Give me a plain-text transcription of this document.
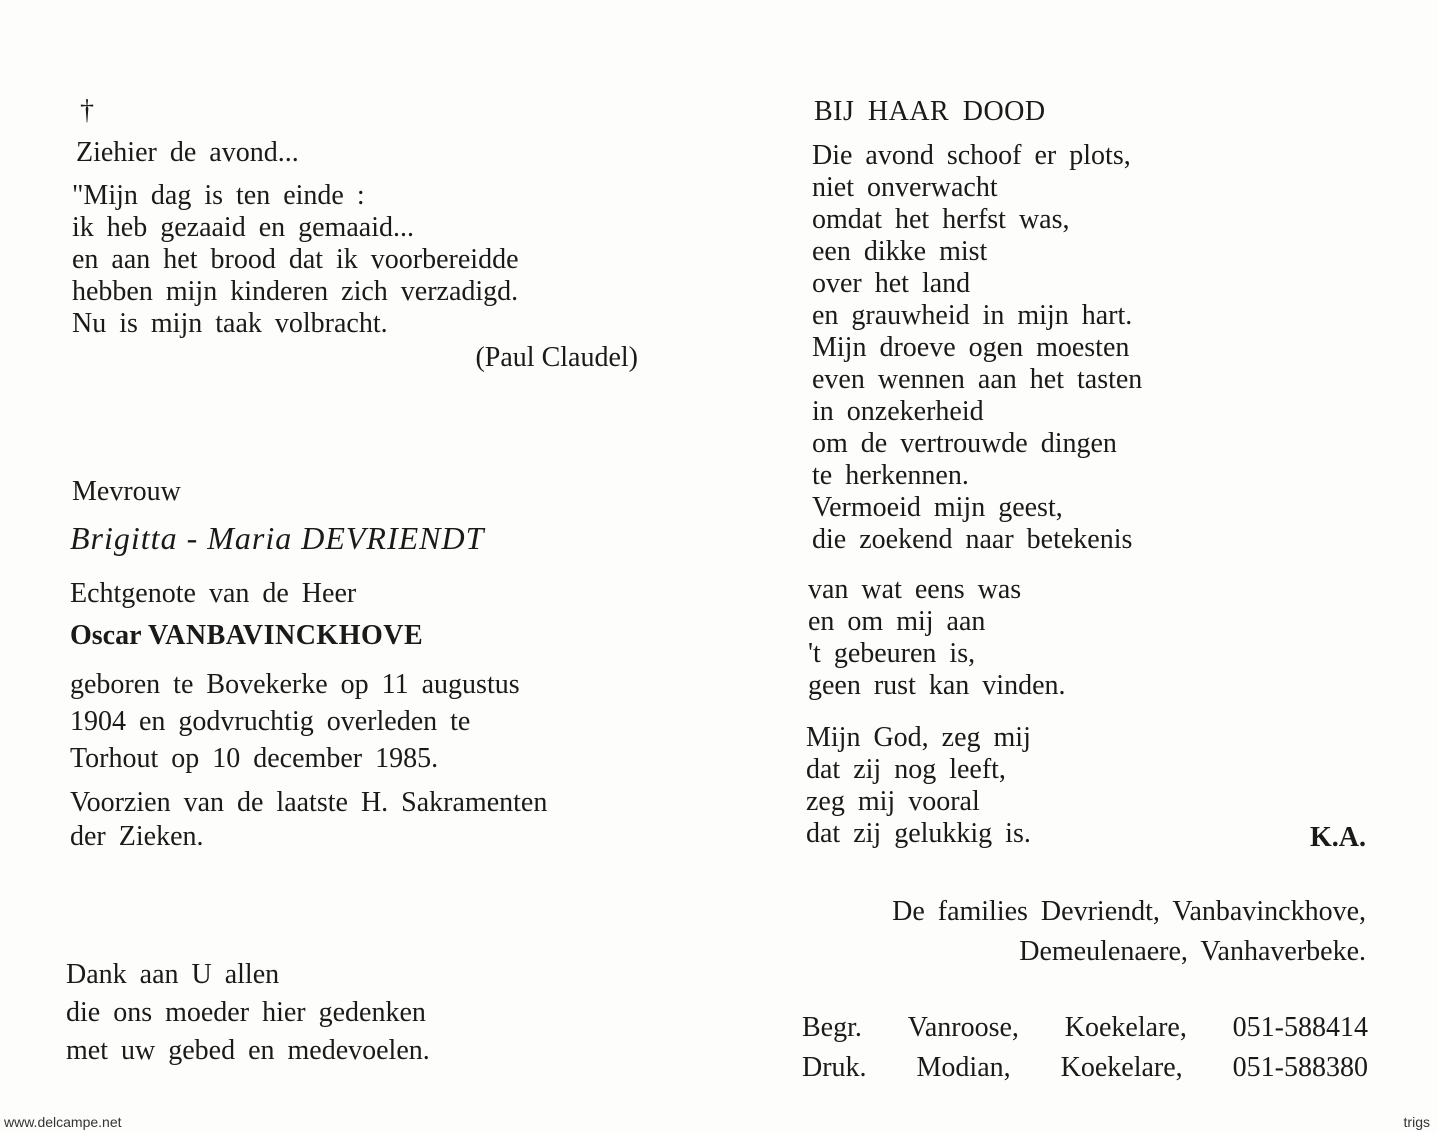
†
Ziehier de avond...
"Mijn dag is ten einde :
ik heb gezaaid en gemaaid...
en aan het brood dat ik voorbereidde
hebben mijn kinderen zich verzadigd.
Nu is mijn taak volbracht.
(Paul Claudel)
Mevrouw
Brigitta - Maria DEVRIENDT
Echtgenote van de Heer
Oscar VANBAVINCKHOVE
geboren te Bovekerke op 11 augustus
1904 en godvruchtig overleden te
Torhout op 10 december 1985.
Voorzien van de laatste H. Sakramenten
der Zieken.
Dank aan U allen
die ons moeder hier gedenken
met uw gebed en medevoelen.
BIJ HAAR DOOD
Die avond schoof er plots,
niet onverwacht
omdat het herfst was,
een dikke mist
over het land
en grauwheid in mijn hart.
Mijn droeve ogen moesten
even wennen aan het tasten
in onzekerheid
om de vertrouwde dingen
te herkennen.
Vermoeid mijn geest,
die zoekend naar betekenis
van wat eens was
en om mij aan
't gebeuren is,
geen rust kan vinden.
Mijn God, zeg mij
dat zij nog leeft,
zeg mij vooral
dat zij gelukkig is.	K.A.
De families Devriendt, Vanbavinckhove,
Demeulenaere, Vanhaverbeke.
Begr. Vanroose, Koekelare, 051-588414
Druk. Modian, Koekelare, 051-588380
www.delcampe.net	trigs
